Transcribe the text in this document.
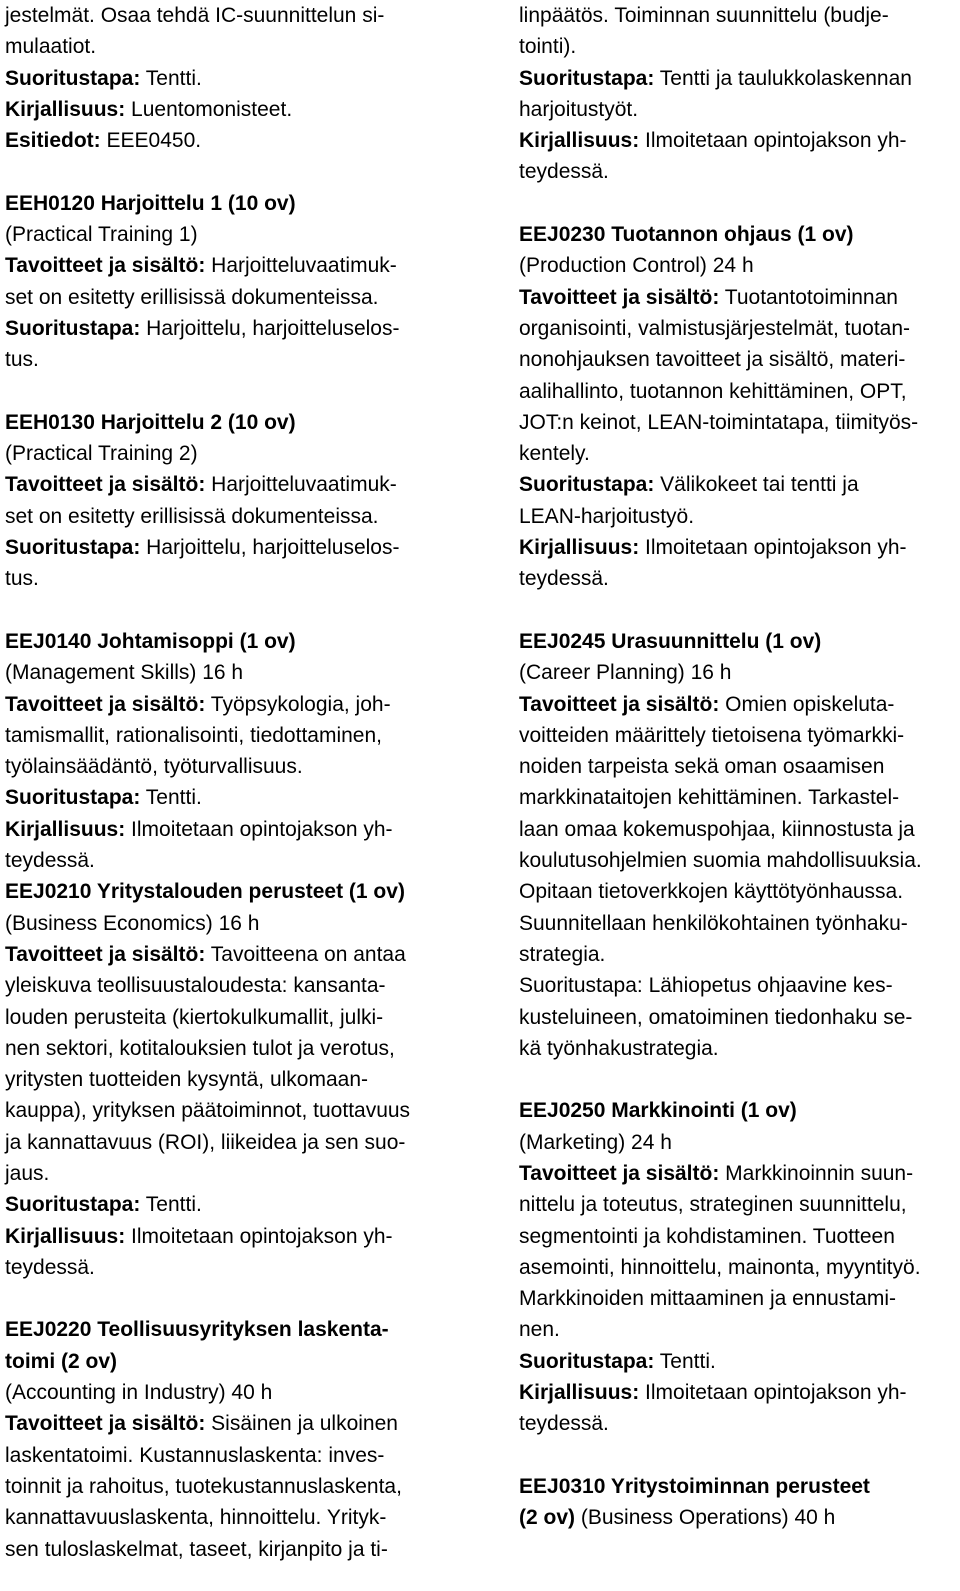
jestelmät. Osaa tehdä IC-suunnittelun si-
mulaatiot.
Suoritustapa: Tentti.
Kirjallisuus: Luentomonisteet.
Esitiedot: EEE0450.

EEH0120 Harjoittelu 1 (10 ov)
(Practical Training 1)
Tavoitteet ja sisältö: Harjoitteluvaatimuk-
set on esitetty erillisissä dokumenteissa.
Suoritustapa: Harjoittelu, harjoitteluselos-
tus.

EEH0130 Harjoittelu 2 (10 ov)
(Practical Training 2)
Tavoitteet ja sisältö: Harjoitteluvaatimuk-
set on esitetty erillisissä dokumenteissa.
Suoritustapa: Harjoittelu, harjoitteluselos-
tus.

EEJ0140 Johtamisoppi (1 ov)
(Management Skills) 16 h
Tavoitteet ja sisältö: Työpsykologia, joh-
tamismallit, rationalisointi, tiedottaminen,
työlainsäädäntö, työturvallisuus.
Suoritustapa: Tentti.
Kirjallisuus: Ilmoitetaan opintojakson yh-
teydessä.
EEJ0210 Yritystalouden perusteet (1 ov)
(Business Economics) 16 h
Tavoitteet ja sisältö: Tavoitteena on antaa
yleiskuva teollisuustaloudesta: kansanta-
louden perusteita (kiertokulkumallit, julki-
nen sektori, kotitalouksien tulot ja verotus,
yritysten tuotteiden kysyntä, ulkomaan-
kauppa), yrityksen päätoiminnot, tuottavuus
ja kannattavuus (ROI), liikeidea ja sen suo-
jaus.
Suoritustapa: Tentti.
Kirjallisuus: Ilmoitetaan opintojakson yh-
teydessä.

EEJ0220 Teollisuusyrityksen laskenta-
toimi (2 ov)
(Accounting in Industry) 40 h
Tavoitteet ja sisältö: Sisäinen ja ulkoinen
laskentatoimi. Kustannuslaskenta: inves-
toinnit ja rahoitus, tuotekustannuslaskenta,
kannattavuuslaskenta, hinnoittelu. Yrityk-
sen tuloslaskelmat, taseet, kirjanpito ja ti-
linpäätös. Toiminnan suunnittelu (budje-
tointi).
Suoritustapa: Tentti ja taulukkolaskennan
harjoitustyöt.
Kirjallisuus: Ilmoitetaan opintojakson yh-
teydessä.

EEJ0230 Tuotannon ohjaus (1 ov)
(Production Control) 24 h
Tavoitteet ja sisältö: Tuotantotoiminnan
organisointi, valmistusjärjestelmät, tuotan-
nonohjauksen tavoitteet ja sisältö, materi-
aalihallinto, tuotannon kehittäminen, OPT,
JOT:n keinot, LEAN-toimintatapa, tiimityös-
kentely.
Suoritustapa: Välikokeet tai tentti ja
LEAN-harjoitustyö.
Kirjallisuus: Ilmoitetaan opintojakson yh-
teydessä.

EEJ0245 Urasuunnittelu (1 ov)
(Career Planning) 16 h
Tavoitteet ja sisältö: Omien opiskeluta-
voitteiden määrittely tietoisena työmarkki-
noiden tarpeista sekä oman osaamisen
markkinataitojen kehittäminen. Tarkastel-
laan omaa kokemuspohjaa, kiinnostusta ja
koulutusohjelmien suomia mahdollisuuksia.
Opitaan tietoverkkojen käyttötyönhaussa.
Suunnitellaan henkilökohtainen työnhaku-
strategia.
Suoritustapa: Lähiopetus ohjaavine kes-
kusteluineen, omatoiminen tiedonhaku se-
kä työnhakustrategia.

EEJ0250 Markkinointi (1 ov)
(Marketing) 24 h
Tavoitteet ja sisältö: Markkinoinnin suun-
nittelu ja toteutus, strateginen suunnittelu,
segmentointi ja kohdistaminen. Tuotteen
asemointi, hinnoittelu, mainonta, myyntityö.
Markkinoiden mittaaminen ja ennustami-
nen.
Suoritustapa: Tentti.
Kirjallisuus: Ilmoitetaan opintojakson yh-
teydessä.

EEJ0310 Yritystoiminnan perusteet
(2 ov) (Business Operations) 40 h
